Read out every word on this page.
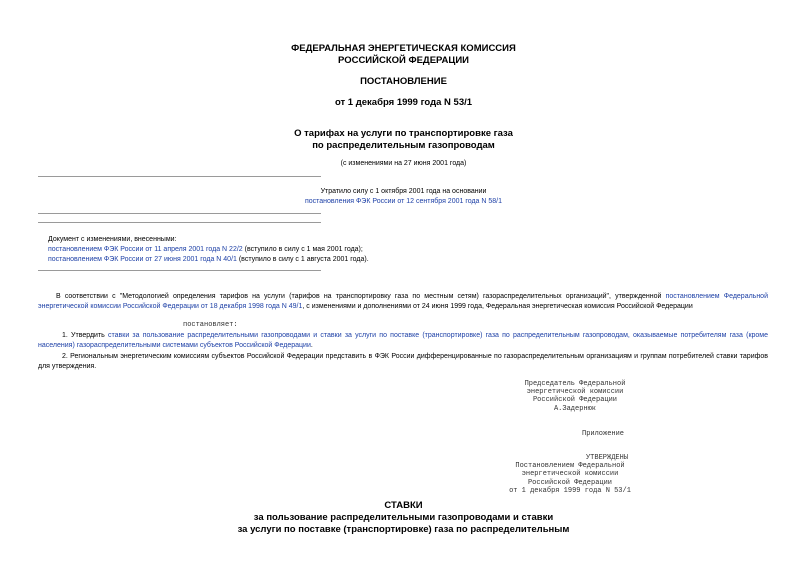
ФЕДЕРАЛЬНАЯ ЭНЕРГЕТИЧЕСКАЯ КОМИССИЯ
РОССИЙСКОЙ ФЕДЕРАЦИИ
ПОСТАНОВЛЕНИЕ
от 1 декабря 1999 года N 53/1
О тарифах на услуги по транспортировке газа
по распределительным газопроводам
(с изменениями на 27 июня 2001 года)
Утратило силу с 1 октября 2001 года на основании
постановления ФЭК России от 12 сентября 2001 года N 58/1
Документ с изменениями, внесенными:
постановлением ФЭК России от 11 апреля 2001 года N 22/2 (вступило в силу с 1 мая 2001 года);
постановлением ФЭК России от 27 июня 2001 года N 40/1 (вступило в силу с 1 августа 2001 года).
В соответствии с "Методологией определения тарифов на услуги (тарифов на транспортировку газа по местным сетям) газораспределительных организаций", утвержденной постановлением Федеральной энергетической комиссии Российской Федерации от 18 декабря 1998 года N 49/1, с изменениями и дополнениями от 24 июня 1999 года, Федеральная энергетическая комиссия Российской Федерации
постановляет:
1. Утвердить ставки за пользование распределительными газопроводами и ставки за услуги по поставке (транспортировке) газа по распределительным газопроводам, оказываемые потребителям газа (кроме населения) газораспределительными системами субъектов Российской Федерации.
2. Региональным энергетическим комиссиям субъектов Российской Федерации представить в ФЭК России дифференцированные по газораспределительным организациям и группам потребителей ставки тарифов для утверждения.
Председатель Федеральной
энергетической комиссии
Российской Федерации
А.Задернюк
Приложение
УТВЕРЖДЕНЫ
Постановлением Федеральной
энергетической комиссии
Российской Федерации
от 1 декабря 1999 года N 53/1
СТАВКИ
за пользование распределительными газопроводами и ставки
за услуги по поставке (транспортировке) газа по распределительным
